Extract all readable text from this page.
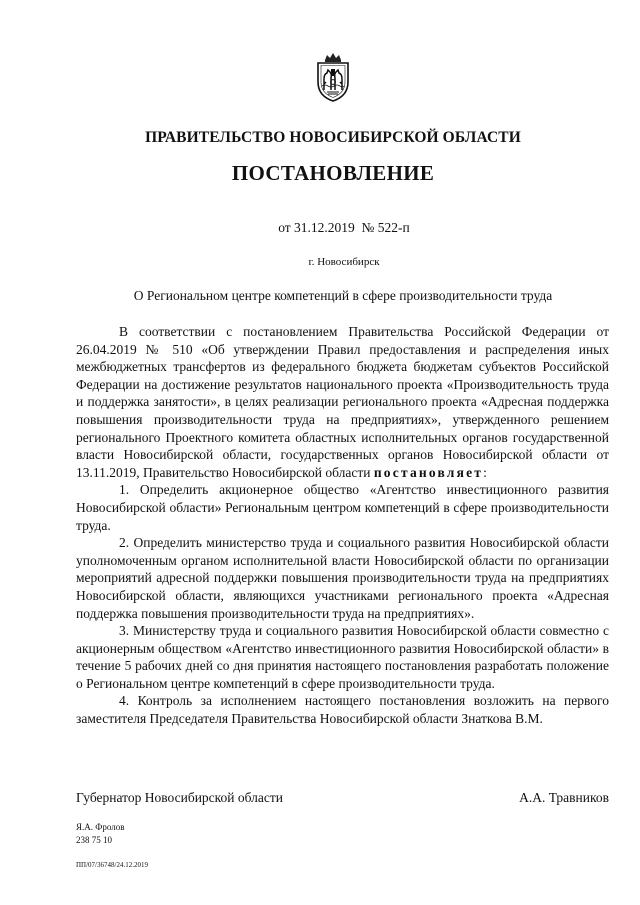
ПРАВИТЕЛЬСТВО НОВОСИБИРСКОЙ ОБЛАСТИ
ПОСТАНОВЛЕНИЕ
от 31.12.2019  № 522-п
г. Новосибирск
О Региональном центре компетенций в сфере производительности труда

В соответствии с постановлением Правительства Российской Федерации от 26.04.2019 № 510 «Об утверждении Правил предоставления и распределения иных межбюджетных трансфертов из федерального бюджета бюджетам субъектов Российской Федерации на достижение результатов национального проекта «Производительность труда и поддержка занятости», в целях реализации регионального проекта «Адресная поддержка повышения производительности труда на предприятиях», утвержденного решением регионального Проектного комитета областных исполнительных органов государственной власти Новосибирской области, государственных органов Новосибирской области от 13.11.2019, Правительство Новосибирской области постановляет:

1. Определить акционерное общество «Агентство инвестиционного развития Новосибирской области» Региональным центром компетенций в сфере производительности труда.

2. Определить министерство труда и социального развития Новосибирской области уполномоченным органом исполнительной власти Новосибирской области по организации мероприятий адресной поддержки повышения производительности труда на предприятиях Новосибирской области, являющихся участниками регионального проекта «Адресная поддержка повышения производительности труда на предприятиях».

3. Министерству труда и социального развития Новосибирской области совместно с акционерным обществом «Агентство инвестиционного развития Новосибирской области» в течение 5 рабочих дней со дня принятия настоящего постановления разработать положение о Региональном центре компетенций в сфере производительности труда.

4. Контроль за исполнением настоящего постановления возложить на первого заместителя Председателя Правительства Новосибирской области Знаткова В.М.

Губернатор Новосибирской области	А.А. Травников
Я.А. Фролов
238 75 10
ПП/07/36748/24.12.2019
